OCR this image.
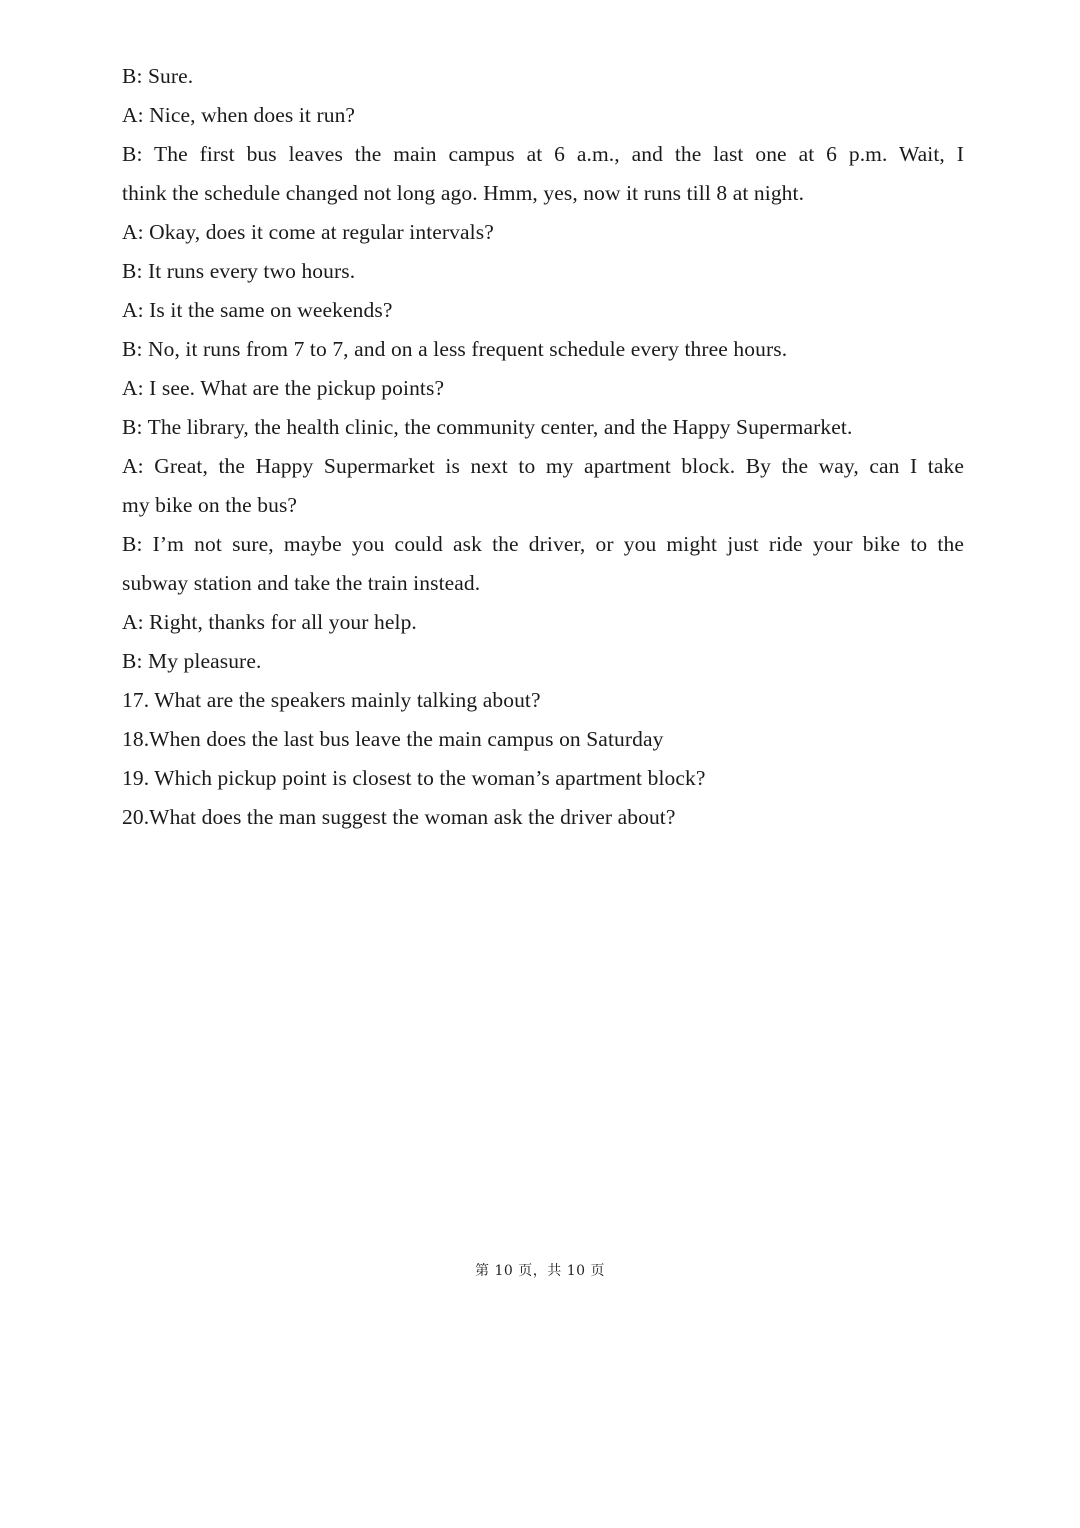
B: Sure.
A: Nice, when does it run?
B: The first bus leaves the main campus at 6 a.m., and the last one at 6 p.m. Wait, I
think the schedule changed not long ago. Hmm, yes, now it runs till 8 at night.
A: Okay, does it come at regular intervals?
B: It runs every two hours.
A: Is it the same on weekends?
B: No, it runs from 7 to 7, and on a less frequent schedule every three hours.
A: I see. What are the pickup points?
B: The library, the health clinic, the community center, and the Happy Supermarket.
A: Great, the Happy Supermarket is next to my apartment block. By the way, can I take
my bike on the bus?
B: I’m not sure, maybe you could ask the driver, or you might just ride your bike to the
subway station and take the train instead.
A: Right, thanks for all your help.
B: My pleasure.
17. What are the speakers mainly talking about?
18.When does the last bus leave the main campus on Saturday
19. Which pickup point is closest to the woman’s apartment block?
20.What does the man suggest the woman ask the driver about?
第 10 页，共 10 页
